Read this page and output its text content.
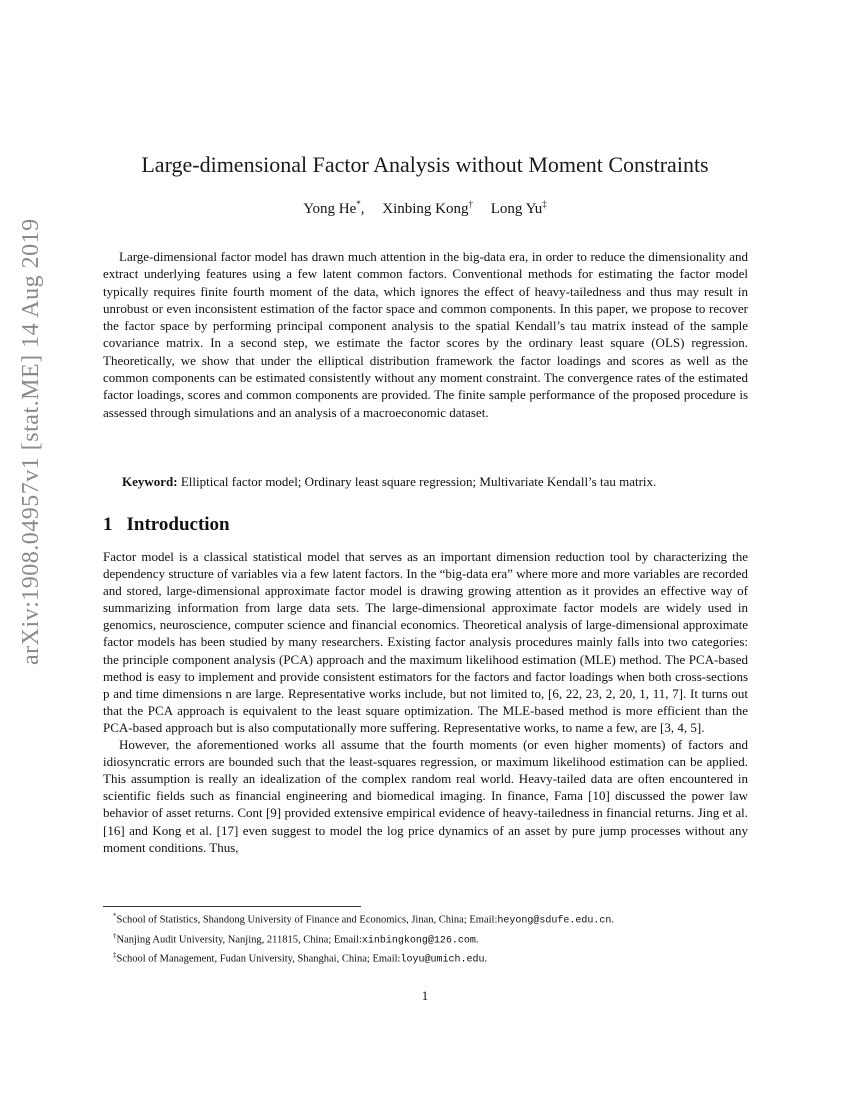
arXiv:1908.04957v1 [stat.ME] 14 Aug 2019
Large-dimensional Factor Analysis without Moment Constraints
Yong He*, Xinbing Kong† Long Yu‡

Large-dimensional factor model has drawn much attention in the big-data era, in order to reduce the dimensionality and extract underlying features using a few latent common factors. Conventional methods for estimating the factor model typically requires finite fourth moment of the data, which ignores the effect of heavy-tailedness and thus may result in unrobust or even inconsistent estimation of the factor space and common components. In this paper, we propose to recover the factor space by performing principal component analysis to the spatial Kendall’s tau matrix instead of the sample covariance matrix. In a second step, we estimate the factor scores by the ordinary least square (OLS) regression. Theoretically, we show that under the elliptical distribution framework the factor loadings and scores as well as the common components can be estimated consistently without any moment constraint. The convergence rates of the estimated factor loadings, scores and common components are provided. The finite sample performance of the proposed procedure is assessed through simulations and an analysis of a macroeconomic dataset.

Keyword: Elliptical factor model; Ordinary least square regression; Multivariate Kendall’s tau matrix.
1 Introduction

Factor model is a classical statistical model that serves as an important dimension reduction tool by characterizing the dependency structure of variables via a few latent factors. In the “big-data era” where more and more variables are recorded and stored, large-dimensional approximate factor model is drawing growing attention as it provides an effective way of summarizing information from large data sets. The large-dimensional approximate factor models are widely used in genomics, neuroscience, computer science and financial economics. Theoretical analysis of large-dimensional approximate factor models has been studied by many researchers. Existing factor analysis procedures mainly falls into two categories: the principle component analysis (PCA) approach and the maximum likelihood estimation (MLE) method. The PCA-based method is easy to implement and provide consistent estimators for the factors and factor loadings when both cross-sections p and time dimensions n are large. Representative works include, but not limited to, [6, 22, 23, 2, 20, 1, 11, 7]. It turns out that the PCA approach is equivalent to the least square optimization. The MLE-based method is more efficient than the PCA-based approach but is also computationally more suffering. Representative works, to name a few, are [3, 4, 5].

However, the aforementioned works all assume that the fourth moments (or even higher moments) of factors and idiosyncratic errors are bounded such that the least-squares regression, or maximum likelihood estimation can be applied. This assumption is really an idealization of the complex random real world. Heavy-tailed data are often encountered in scientific fields such as financial engineering and biomedical imaging. In finance, Fama [10] discussed the power law behavior of asset returns. Cont [9] provided extensive empirical evidence of heavy-tailedness in financial returns. Jing et al. [16] and Kong et al. [17] even suggest to model the log price dynamics of an asset by pure jump processes without any moment conditions. Thus,

*School of Statistics, Shandong University of Finance and Economics, Jinan, China; Email:heyong@sdufe.edu.cn.
†Nanjing Audit University, Nanjing, 211815, China; Email:xinbingkong@126.com.
‡School of Management, Fudan University, Shanghai, China; Email:loyu@umich.edu.
1
